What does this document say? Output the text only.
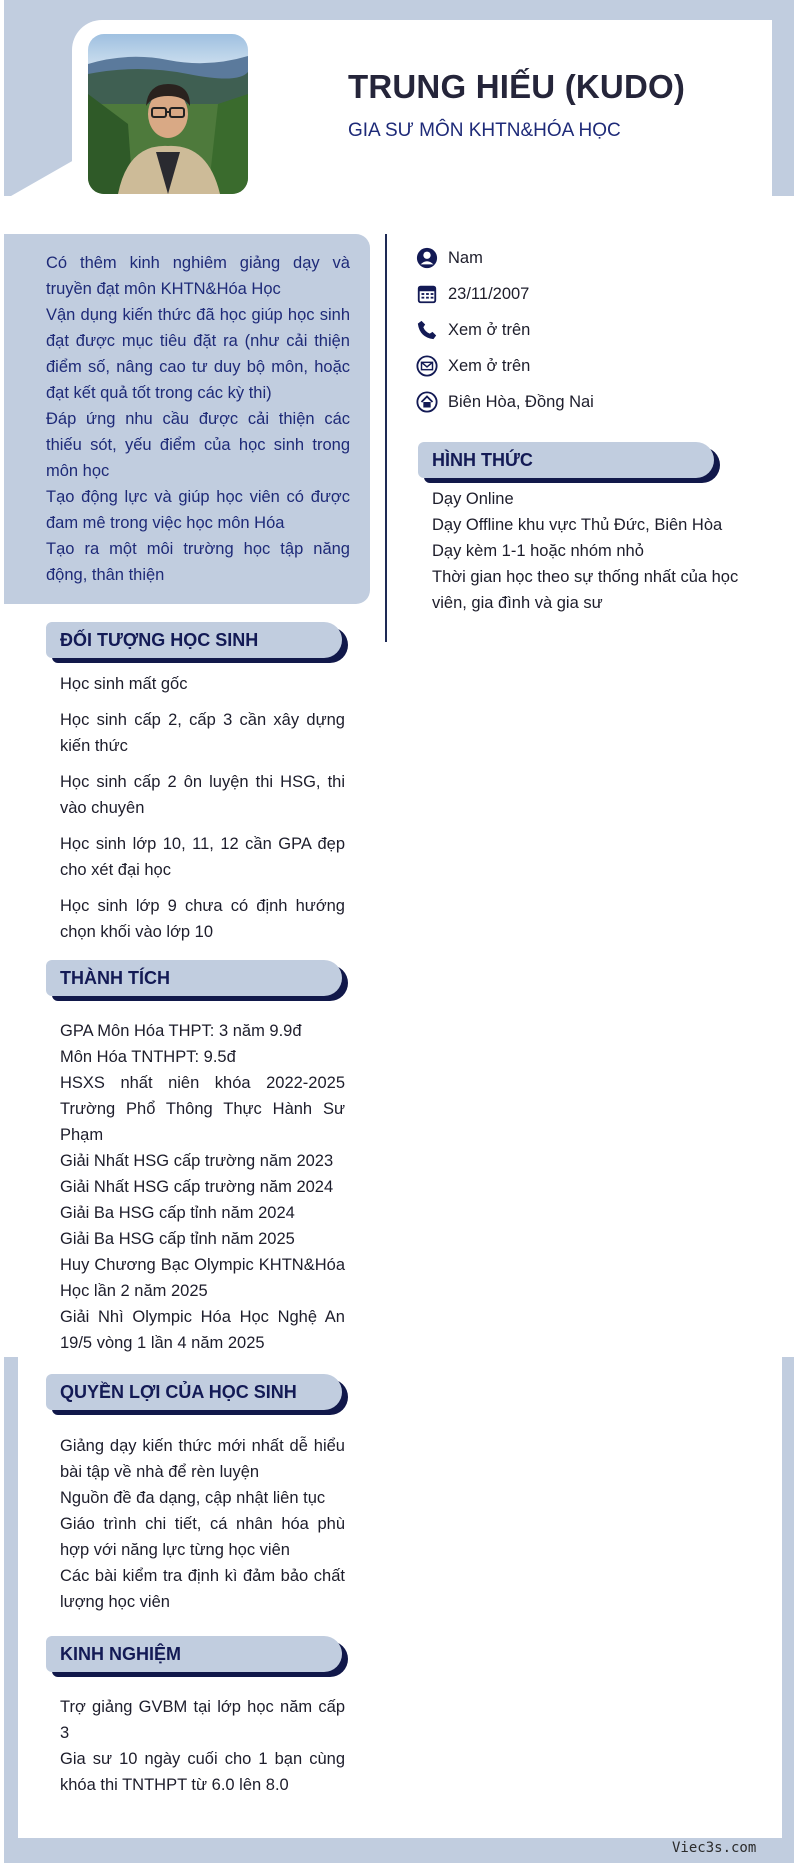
TRUNG HIẾU (KUDO)
GIA SƯ MÔN KHTN&HÓA HỌC

Có thêm kinh nghiêm giảng dạy và truyền đạt môn KHTN&Hóa Học

Vận dụng kiến thức đã học giúp học sinh đạt được mục tiêu đặt ra (như cải thiện điểm số, nâng cao tư duy bộ môn, hoặc đạt kết quả tốt trong các kỳ thi)

Đáp ứng nhu cầu được cải thiện các thiếu sót, yếu điểm của học sinh trong môn học

Tạo động lực và giúp học viên có được đam mê trong việc học môn Hóa

Tạo ra một môi trường học tập năng động, thân thiện

Nam
23/11/2007
Xem ở trên
Xem ở trên
Biên Hòa, Đồng Nai
HÌNH THỨC

Dạy Online

Dạy Offline khu vực Thủ Đức, Biên Hòa

Dạy kèm 1-1 hoặc nhóm nhỏ

Thời gian học theo sự thống nhất của học viên, gia đình và gia sư

ĐỐI TƯỢNG HỌC SINH

Học sinh mất gốc

Học sinh cấp 2, cấp 3 cần xây dựng kiến thức

Học sinh cấp 2 ôn luyện thi HSG, thi vào chuyên

Học sinh lớp 10, 11, 12 cần GPA đẹp cho xét đại học

Học sinh lớp 9 chưa có định hướng chọn khối vào lớp 10

THÀNH TÍCH

GPA Môn Hóa THPT: 3 năm 9.9đ

Môn Hóa TNTHPT: 9.5đ

HSXS nhất niên khóa 2022-2025 Trường Phổ Thông Thực Hành Sư Phạm

Giải Nhất HSG cấp trường năm 2023

Giải Nhất HSG cấp trường năm 2024

Giải Ba HSG cấp tỉnh năm 2024

Giải Ba HSG cấp tỉnh năm 2025

Huy Chương Bạc Olympic KHTN&Hóa Học lần 2 năm 2025

Giải Nhì Olympic Hóa Học Nghệ An 19/5 vòng 1 lần 4 năm 2025

QUYỀN LỢI CỦA HỌC SINH

Giảng dạy kiến thức mới nhất dễ hiểu bài tập về nhà để rèn luyện

Nguồn đề đa dạng, cập nhật liên tục

Giáo trình chi tiết, cá nhân hóa phù hợp với năng lực từng học viên

Các bài kiểm tra định kì đảm bảo chất lượng học viên

KINH NGHIỆM

Trợ giảng GVBM tại lớp học năm cấp 3

Gia sư 10 ngày cuối cho 1 bạn cùng khóa thi TNTHPT từ 6.0 lên 8.0

Viec3s.com
